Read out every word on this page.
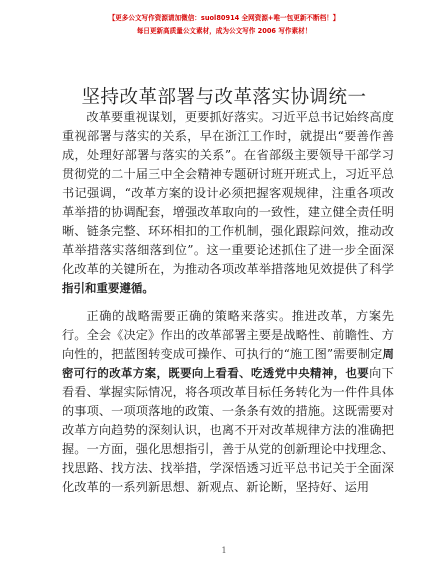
【更多公文写作资源请加微信：suol80914 全网资源+唯一包更新不断档！】
每日更新高质量公文素材，成为公文写作 2006 写作素材！
坚持改革部署与改革落实协调统一

改革要重视谋划，更要抓好落实。习近平总书记始终高度重视部署与落实的关系，早在浙江工作时，就提出“要善作善成，处理好部署与落实的关系”。在省部级主要领导干部学习贯彻党的二十届三中全会精神专题研讨班开班式上，习近平总书记强调，“改革方案的设计必须把握客观规律，注重各项改革举措的协调配套，增强改革取向的一致性，建立健全责任明晰、链条完整、环环相扣的工作机制，强化跟踪问效，推动改革举措落实落细落到位”。这一重要论述抓住了进一步全面深化改革的关键所在，为推动各项改革举措落地见效提供了科学指引和重要遵循。

正确的战略需要正确的策略来落实。推进改革，方案先行。全会《决定》作出的改革部署主要是战略性、前瞻性、方向性的，把蓝图转变成可操作、可执行的“施工图”需要制定周密可行的改革方案，既要向上看看、吃透党中央精神，也要向下看看、掌握实际情况，将各项改革目标任务转化为一件件具体的事项、一项项落地的政策、一条条有效的措施。这既需要对改革方向趋势的深刻认识，也离不开对改革规律方法的准确把握。一方面，强化思想指引，善于从党的创新理论中找理念、找思路、找方法、找举措，学深悟透习近平总书记关于全面深化改革的一系列新思想、新观点、新论断，坚持好、运用

1
